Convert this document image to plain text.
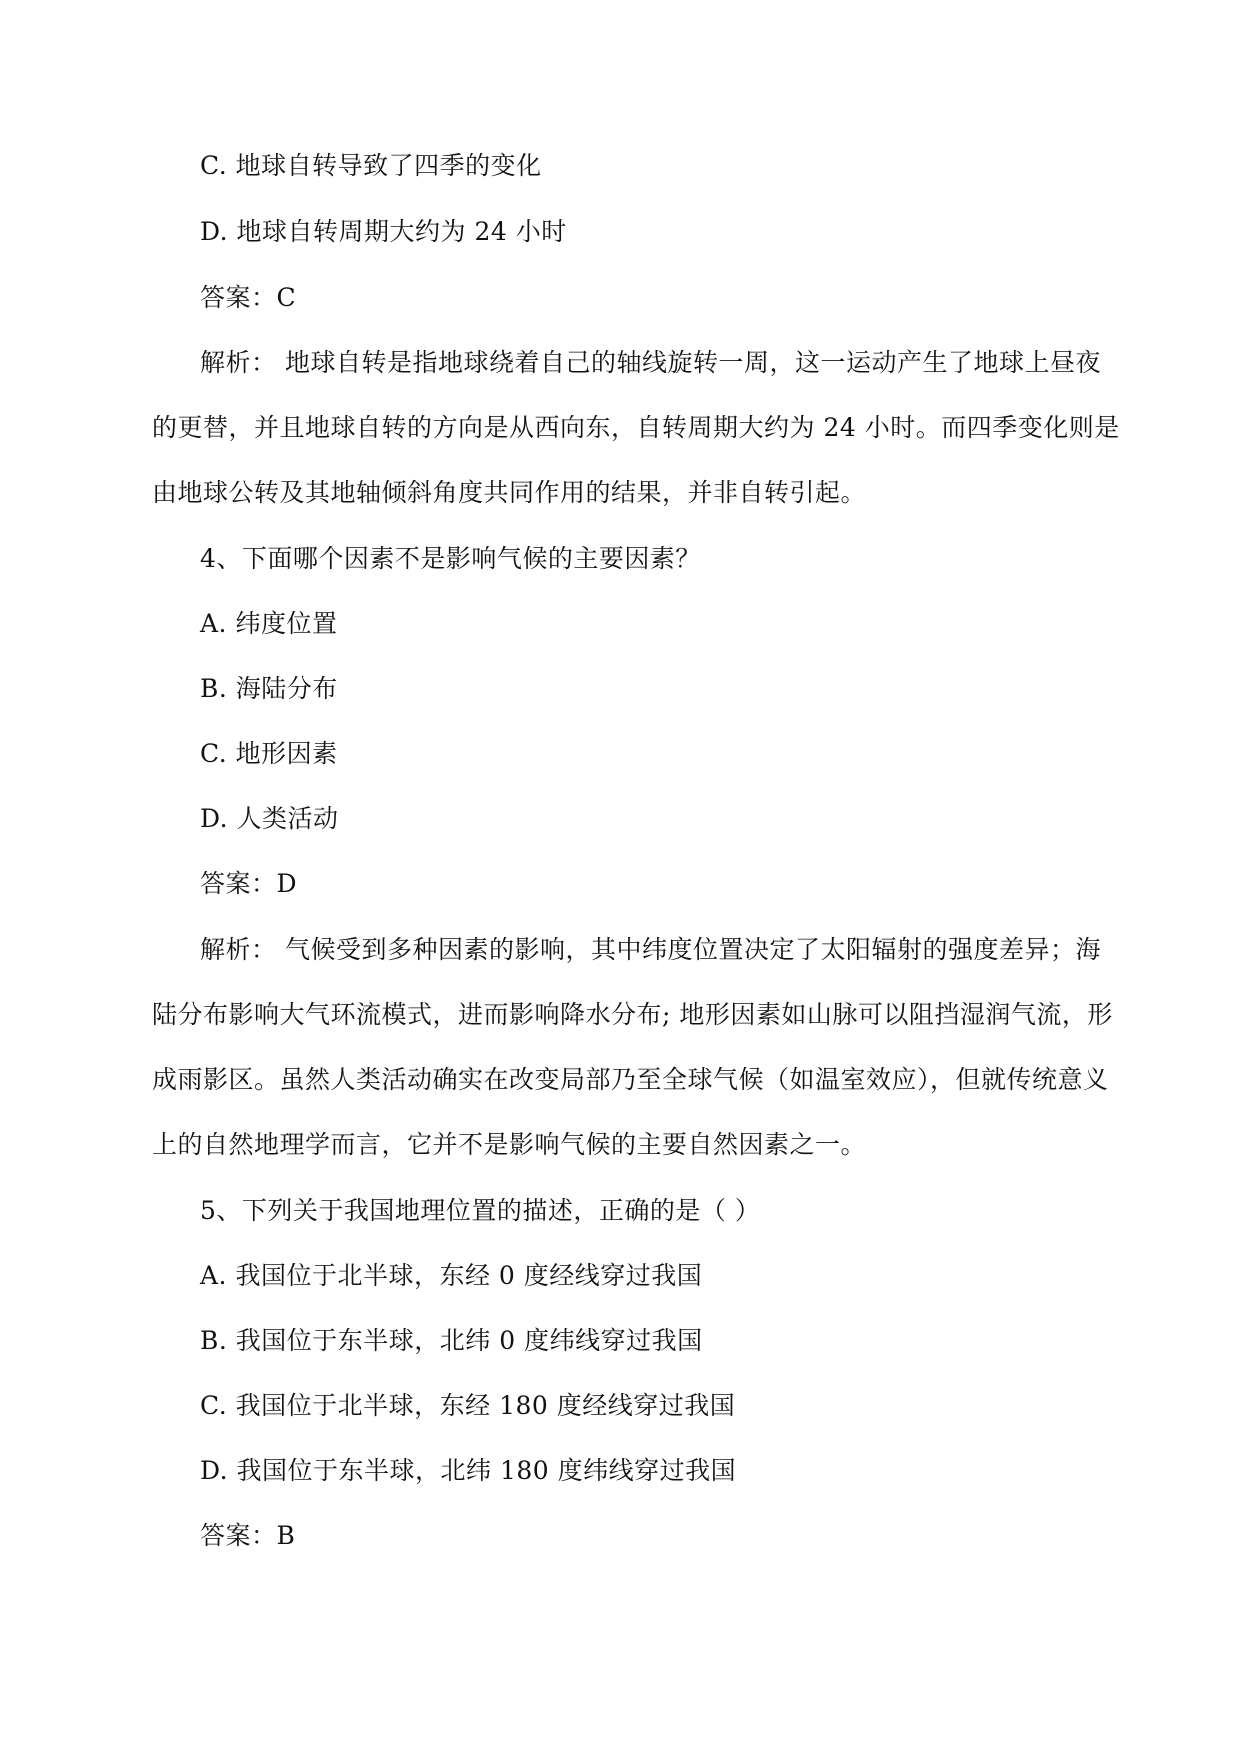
C. 地球自转导致了四季的变化
D. 地球自转周期大约为 24 小时
答案：C
解析： 地球自转是指地球绕着自己的轴线旋转一周，这一运动产生了地球上昼夜
的更替，并且地球自转的方向是从西向东，自转周期大约为 24 小时。而四季变化则是
由地球公转及其地轴倾斜角度共同作用的结果，并非自转引起。
4、下面哪个因素不是影响气候的主要因素？
A. 纬度位置
B. 海陆分布
C. 地形因素
D. 人类活动
答案：D
解析： 气候受到多种因素的影响，其中纬度位置决定了太阳辐射的强度差异；海
陆分布影响大气环流模式，进而影响降水分布; 地形因素如山脉可以阻挡湿润气流，形
成雨影区。虽然人类活动确实在改变局部乃至全球气候（如温室效应），但就传统意义
上的自然地理学而言，它并不是影响气候的主要自然因素之一。
5、下列关于我国地理位置的描述，正确的是（ ）
A. 我国位于北半球，东经 0 度经线穿过我国
B. 我国位于东半球，北纬 0 度纬线穿过我国
C. 我国位于北半球，东经 180 度经线穿过我国
D. 我国位于东半球，北纬 180 度纬线穿过我国
答案：B
